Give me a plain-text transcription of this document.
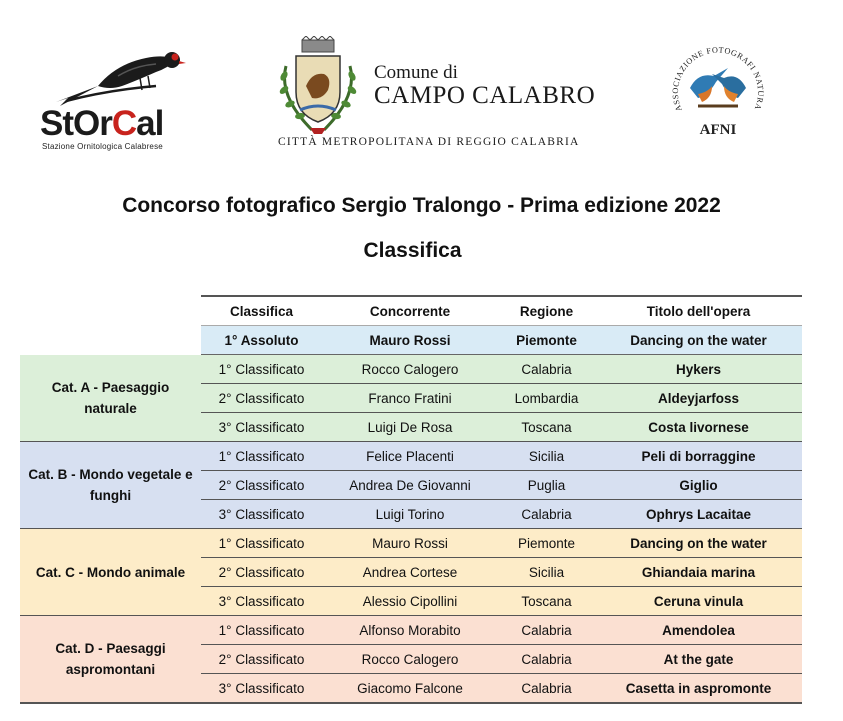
StOrCal
Stazione Ornitologica Calabrese
Comune di
CAMPO CALABRO
CITTÀ METROPOLITANA DI REGGIO CALABRIA
ASSOCIAZIONE FOTOGRAFI NATURA
AFNI
Concorso fotografico Sergio Tralongo - Prima edizione 2022
Classifica
	Classifica	Concorrente	Regione	Titolo dell'opera
	1° Assoluto	Mauro Rossi	Piemonte	Dancing on the water
Cat. A - Paesaggio naturale	1° Classificato	Rocco Calogero	Calabria	Hykers
	2° Classificato	Franco Fratini	Lombardia	Aldeyjarfoss
	3° Classificato	Luigi De Rosa	Toscana	Costa livornese
Cat. B - Mondo vegetale e funghi	1° Classificato	Felice Placenti	Sicilia	Peli di borraggine
	2° Classificato	Andrea De Giovanni	Puglia	Giglio
	3° Classificato	Luigi Torino	Calabria	Ophrys Lacaitae
Cat. C - Mondo animale	1° Classificato	Mauro Rossi	Piemonte	Dancing on the water
	2° Classificato	Andrea Cortese	Sicilia	Ghiandaia marina
	3° Classificato	Alessio Cipollini	Toscana	Ceruna vinula
Cat. D - Paesaggi aspromontani	1° Classificato	Alfonso Morabito	Calabria	Amendolea
	2° Classificato	Rocco Calogero	Calabria	At the gate
	3° Classificato	Giacomo Falcone	Calabria	Casetta in aspromonte
